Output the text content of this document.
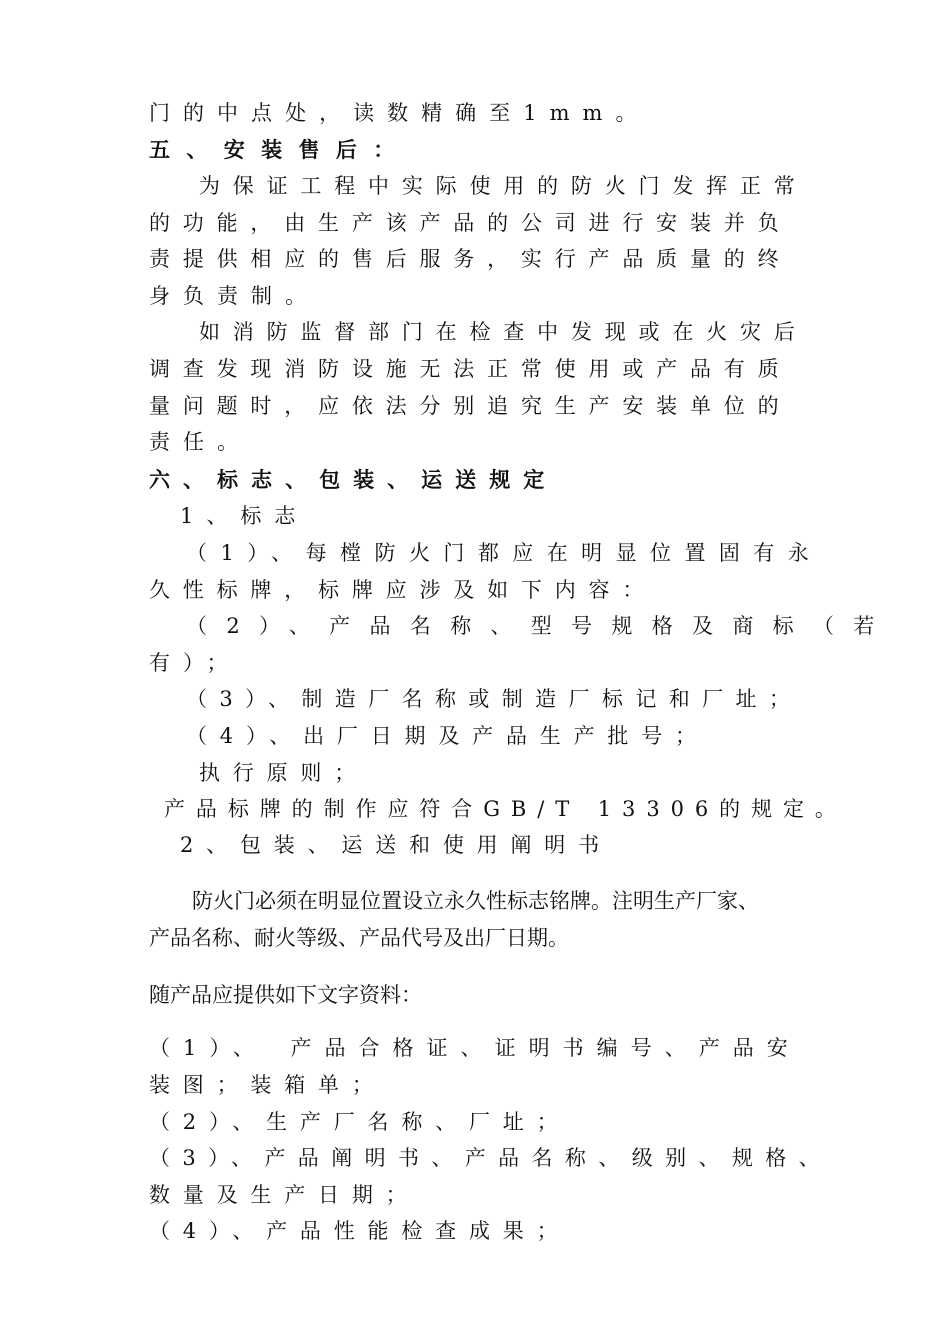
门的中点处，读数精确至1mm。
五、安装售后：
为保证工程中实际使用的防火门发挥正常
的功能，由生产该产品的公司进行安装并负
责提供相应的售后服务，实行产品质量的终
身负责制。
如消防监督部门在检查中发现或在火灾后
调查发现消防设施无法正常使用或产品有质
量问题时，应依法分别追究生产安装单位的
责任。
六、标志、包装、运送规定
1、标志
（1）、每樘防火门都应在明显位置固有永
久性标牌，标牌应涉及如下内容：
（2）、产品名称、型号规格及商标（若
有）；
（3）、制造厂名称或制造厂标记和厂址；
（4）、出厂日期及产品生产批号；
执行原则；
产品标牌的制作应符合GB/T 13306的规定。
2、包装、运送和使用阐明书
防火门必须在明显位置设立永久性标志铭牌。注明生产厂家、
产品名称、耐火等级、产品代号及出厂日期。
随产品应提供如下文字资料：
（1）、　产品合格证、证明书编号、产品安
装图；装箱单；
（2）、生产厂名称、厂址；
（3）、产品阐明书、产品名称、级别、规格、
数量及生产日期；
（4）、产品性能检查成果；
